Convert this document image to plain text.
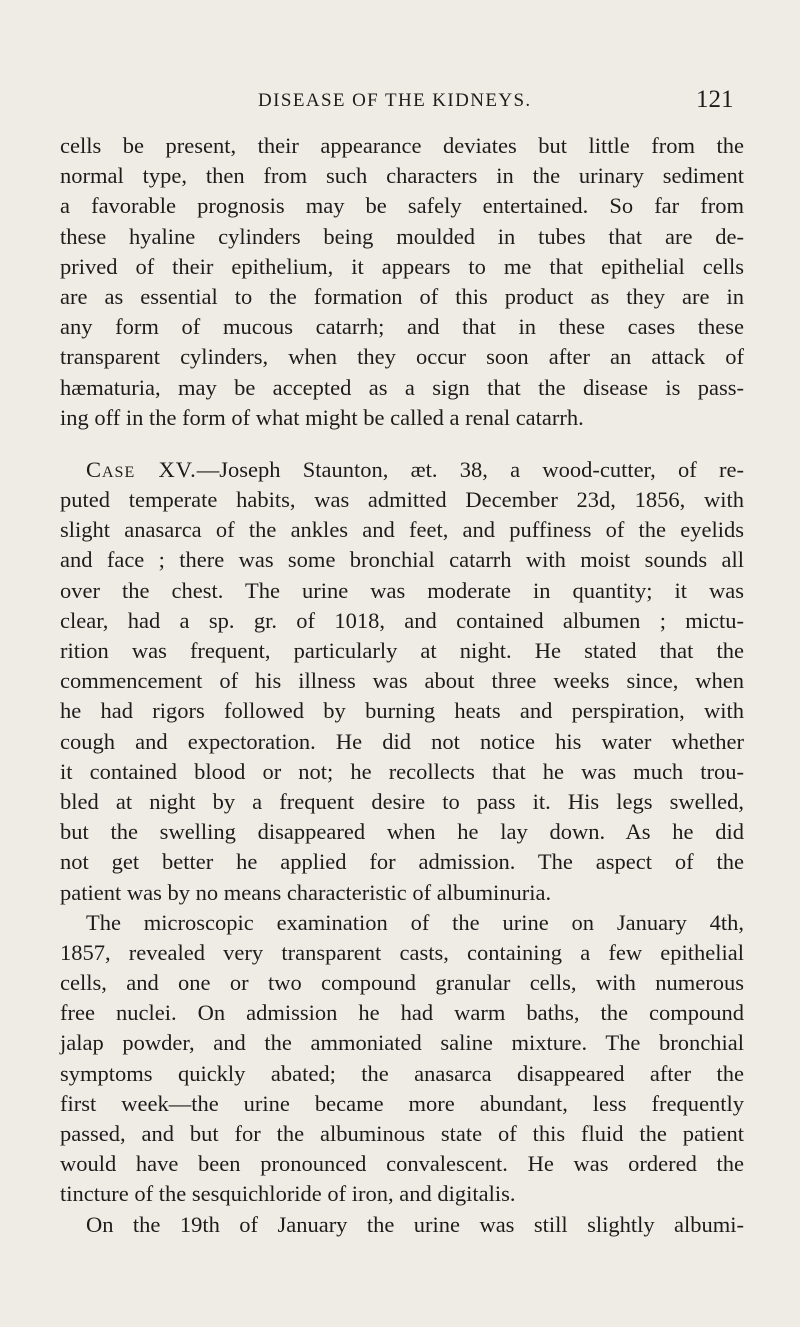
DISEASE OF THE KIDNEYS.	121
cells be present, their appearance deviates but little from the
normal type, then from such characters in the urinary sediment
a favorable prognosis may be safely entertained. So far from
these hyaline cylinders being moulded in tubes that are de-
prived of their epithelium, it appears to me that epithelial cells
are as essential to the formation of this product as they are in
any form of mucous catarrh; and that in these cases these
transparent cylinders, when they occur soon after an attack of
hæmaturia, may be accepted as a sign that the disease is pass-
ing off in the form of what might be called a renal catarrh.
Case XV.—Joseph Staunton, æt. 38, a wood-cutter, of re-
puted temperate habits, was admitted December 23d, 1856, with
slight anasarca of the ankles and feet, and puffiness of the eyelids
and face ; there was some bronchial catarrh with moist sounds all
over the chest. The urine was moderate in quantity; it was
clear, had a sp. gr. of 1018, and contained albumen ; mictu-
rition was frequent, particularly at night. He stated that the
commencement of his illness was about three weeks since, when
he had rigors followed by burning heats and perspiration, with
cough and expectoration. He did not notice his water whether
it contained blood or not; he recollects that he was much trou-
bled at night by a frequent desire to pass it. His legs swelled,
but the swelling disappeared when he lay down. As he did
not get better he applied for admission. The aspect of the
patient was by no means characteristic of albuminuria.
The microscopic examination of the urine on January 4th,
1857, revealed very transparent casts, containing a few epithelial
cells, and one or two compound granular cells, with numerous
free nuclei. On admission he had warm baths, the compound
jalap powder, and the ammoniated saline mixture. The bronchial
symptoms quickly abated; the anasarca disappeared after the
first week—the urine became more abundant, less frequently
passed, and but for the albuminous state of this fluid the patient
would have been pronounced convalescent. He was ordered the
tincture of the sesquichloride of iron, and digitalis.
On the 19th of January the urine was still slightly albumi-
